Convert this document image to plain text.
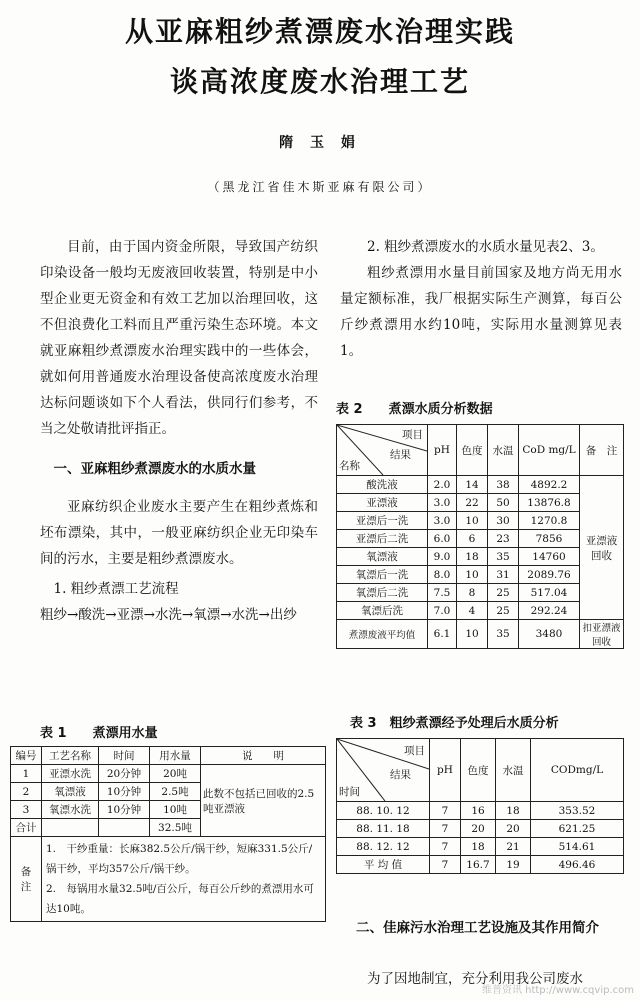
从亚麻粗纱煮漂废水治理实践
谈高浓度废水治理工艺
隋 玉 娟
（黑龙江省佳木斯亚麻有限公司）

目前，由于国内资金所限，导致国产纺织印染设备一般均无废液回收装置，特别是中小型企业更无资金和有效工艺加以治理回收，这不但浪费化工料而且严重污染生态环境。本文就亚麻粗纱煮漂废水治理实践中的一些体会，就如何用普通废水治理设备使高浓度废水治理达标问题谈如下个人看法，供同行们参考，不当之处敬请批评指正。

一、亚麻粗纱煮漂废水的水质水量

亚麻纺织企业废水主要产生在粗纱煮炼和坯布漂染，其中，一般亚麻纺织企业无印染车间的污水，主要是粗纱煮漂废水。

1. 粗纱煮漂工艺流程
粗纱→酸洗→亚漂→水洗→氧漂→水洗→出纱
表 1　　煮漂用水量
编号	工艺名称	时间	用水量	说　　明
1	亚漂水洗	20分钟	20吨	此数不包括已回收的2.5吨亚漂液
2	氧漂液	10分钟	2.5吨	
3	氧漂水洗	10分钟	10吨	
合计			32.5吨	
备　注	1.　干纱重量：长麻382.5公斤/锅干纱，短麻331.5公斤/锅干纱，平均357公斤/锅干纱。
2.　每锅用水量32.5吨/百公斤，每百公斤纱的煮漂用水可达10吨。			

2. 粗纱煮漂废水的水质水量见表2、3。

粗纱煮漂用水量目前国家及地方尚无用水量定额标准，我厂根据实际生产测算，每百公斤纱煮漂用水约10吨，实际用水量测算见表1。

表 2　　煮漂水质分析数据
项目
结果
名称	pH	色度	水温	CoD mg/L	备　注
酸洗液	2.0	14	38	4892.2	亚漂液回收
亚漂液	3.0	22	50	13876.8	
亚漂后一洗	3.0	10	30	1270.8	
亚漂后二洗	6.0	6	23	7856	
氧漂液	9.0	18	35	14760	
氧漂后一洗	8.0	10	31	2089.76	
氧漂后二洗	7.5	8	25	517.04	
氧漂后洗	7.0	4	25	292.24	
煮漂废液平均值	6.1	10	35	3480	扣亚漂液回收
表 3　粗纱煮漂经予处理后水质分析
项目
结果
时间	pH	色度	水温	CODmg/L
88. 10. 12	7	16	18	353.52
88. 11. 18	7	20	20	621.25
88. 12. 12	7	18	21	514.61
平 均 值	7	16.7	19	496.46
二、佳麻污水治理工艺设施及其作用简介
为了因地制宜，充分利用我公司废水
维普资讯 http://www.cqvip.com
